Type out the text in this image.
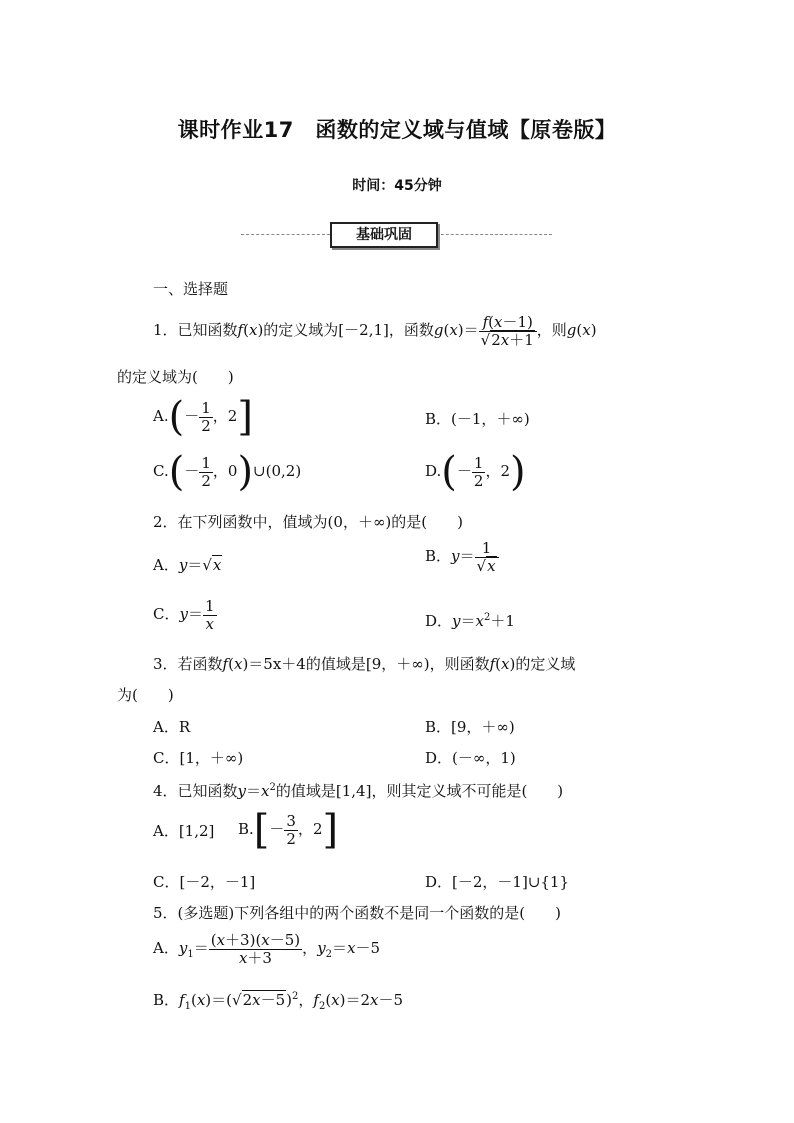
课时作业17　函数的定义域与值域【原卷版】
时间：45分钟
基础巩固
一、选择题
1．已知函数f(x)的定义域为[－2,1]，函数$g(x)= \frac{f(x-1)}{√2x+1}$ ，则g(x)
的定义域为(　　)
$A.(- \frac{1}{2}$ ，2]	B．(－1，＋∞)
$C.(- \frac{1}{2}$ ，0)∪(0,2)	$D.(- \frac{1}{2}$ ，2)
2．在下列函数中，值域为(0，＋∞)的是(　　)
A．y＝√x	B．$y= \frac{1}{√x}$
C．$y= \frac{1}{x}$	D．$y=x^2+1$
3．若函数f(x)＝5x＋4的值域是[9，＋∞)，则函数f(x)的定义域
为(　　)
A．R	B．[9，＋∞)
C．[1，＋∞)	D．(－∞，1)
4．已知函数$y=x^2$的值域是[1,4]，则其定义域不可能是(　　)
A．[1,2] $B.[- \frac{3}{2}$ ，2]
C．[－2，－1]	D．[－2，－1]∪{1}
5．(多选题)下列各组中的两个函数不是同一个函数的是(　　)
A．$y_1= \frac{(x+3)(x-5)}{x+3}$ ，$y_2=x-5$
B．$f_1(x)=(√2x-5)^2$，$f_2(x)=2x-5$
